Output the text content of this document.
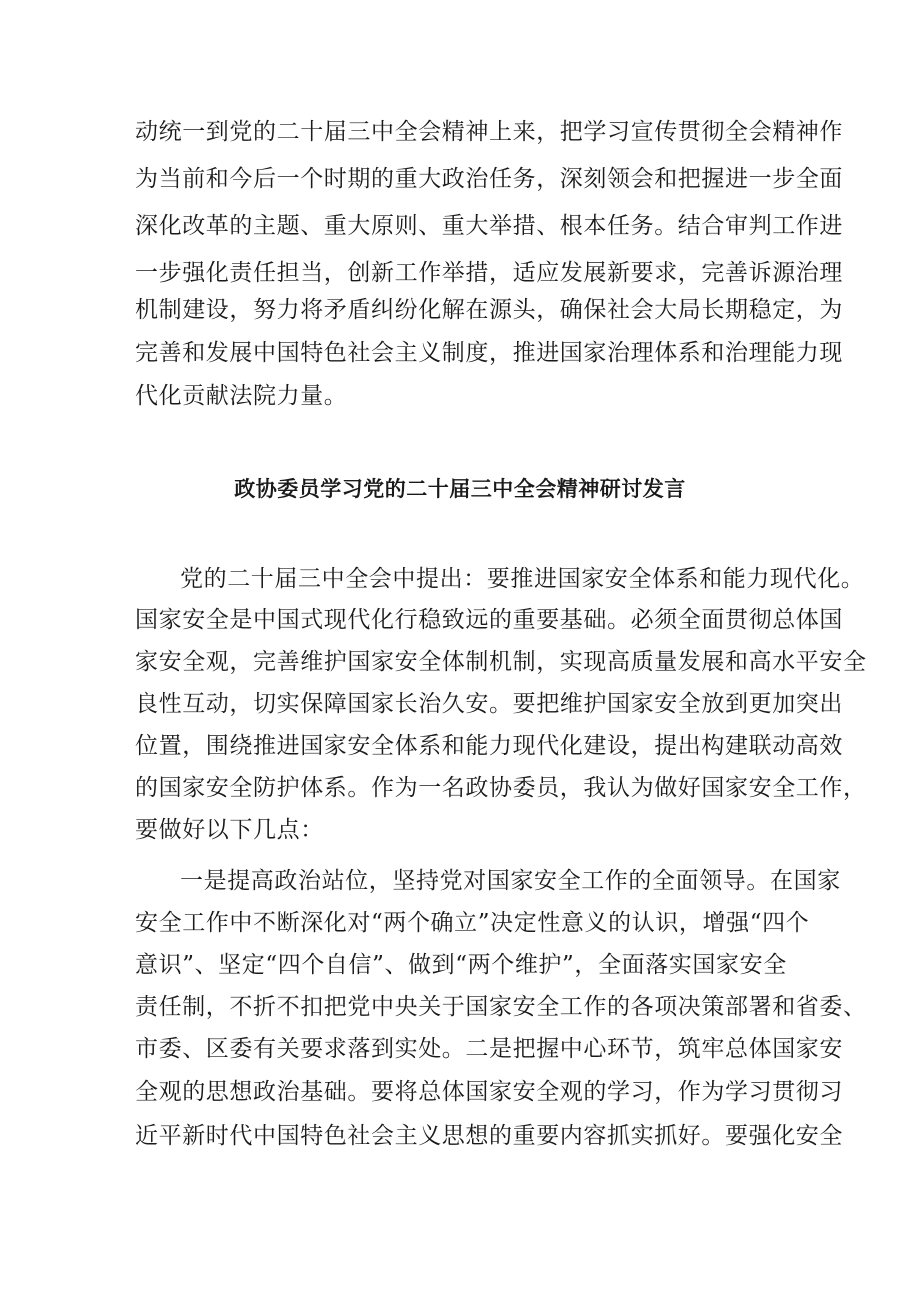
动统一到党的二十届三中全会精神上来，把学习宣传贯彻全会精神作
为当前和今后一个时期的重大政治任务，深刻领会和把握进一步全面
深化改革的主题、重大原则、重大举措、根本任务。结合审判工作进
一步强化责任担当，创新工作举措，适应发展新要求，完善诉源治理
机制建设，努力将矛盾纠纷化解在源头，确保社会大局长期稳定，为
完善和发展中国特色社会主义制度，推进国家治理体系和治理能力现
代化贡献法院力量。
政协委员学习党的二十届三中全会精神研讨发言
党的二十届三中全会中提出：要推进国家安全体系和能力现代化。
国家安全是中国式现代化行稳致远的重要基础。必须全面贯彻总体国
家安全观，完善维护国家安全体制机制，实现高质量发展和高水平安全
良性互动，切实保障国家长治久安。要把维护国家安全放到更加突出
位置，围绕推进国家安全体系和能力现代化建设，提出构建联动高效
的国家安全防护体系。作为一名政协委员，我认为做好国家安全工作，
要做好以下几点：
一是提高政治站位，坚持党对国家安全工作的全面领导。在国家
安全工作中不断深化对“两个确立”决定性意义的认识，增强“四个
意识”、坚定“四个自信”、做到“两个维护”，全面落实国家安全
责任制，不折不扣把党中央关于国家安全工作的各项决策部署和省委、
市委、区委有关要求落到实处。二是把握中心环节，筑牢总体国家安
全观的思想政治基础。要将总体国家安全观的学习，作为学习贯彻习
近平新时代中国特色社会主义思想的重要内容抓实抓好。要强化安全
